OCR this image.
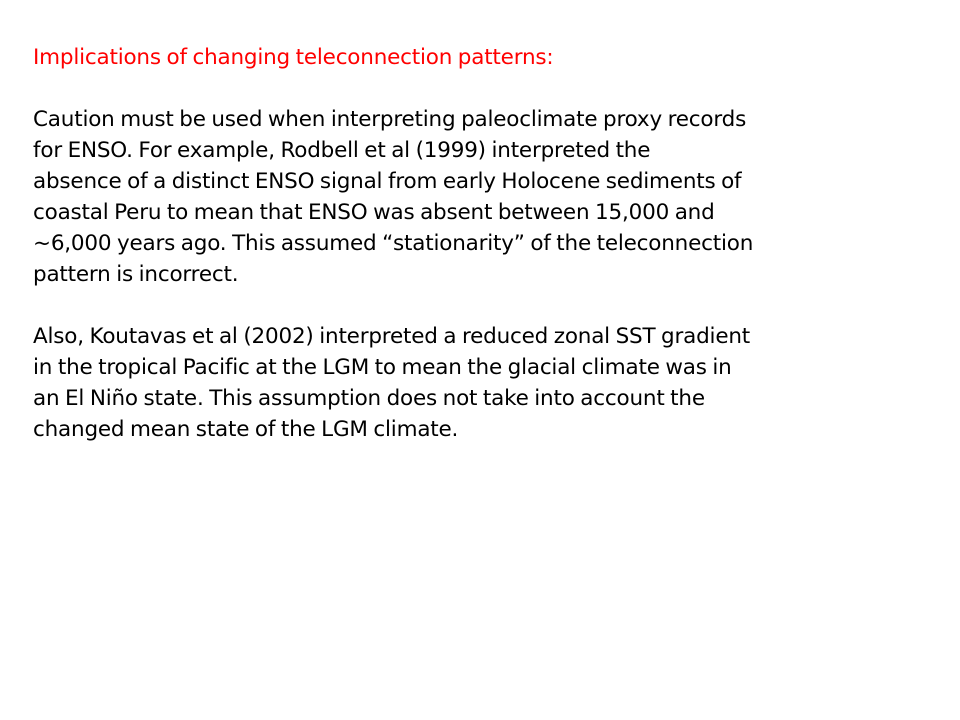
Implications of changing teleconnection patterns:

Caution must be used when interpreting paleoclimate proxy records
for ENSO. For example, Rodbell et al (1999) interpreted the
absence of a distinct ENSO signal from early Holocene sediments of
coastal Peru to mean that ENSO was absent between 15,000 and
~6,000 years ago. This assumed “stationarity” of the teleconnection
pattern is incorrect.

Also, Koutavas et al (2002) interpreted a reduced zonal SST gradient
in the tropical Pacific at the LGM to mean the glacial climate was in
an El Niño state. This assumption does not take into account the
changed mean state of the LGM climate.
